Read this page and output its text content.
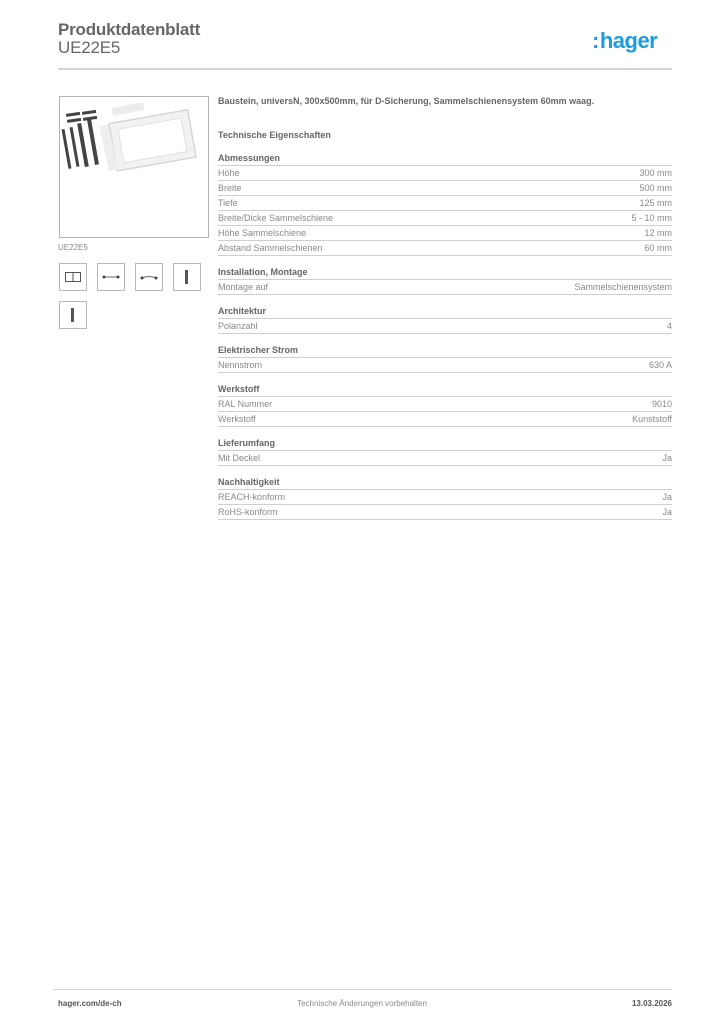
Produktdatenblatt
UE22E5	:hager
UE22E5
Baustein, universN, 300x500mm, für D-Sicherung, Sammelschienensystem 60mm waag.
Technische Eigenschaften
Abmessungen
Höhe	300 mm
Breite	500 mm
Tiefe	125 mm
Breite/Dicke Sammelschiene	5 - 10 mm
Höhe Sammelschiene	12 mm
Abstand Sammelschienen	60 mm
Installation, Montage
Montage auf	Sammelschienensystem
Architektur
Polanzahl	4
Elektrischer Strom
Nennstrom	630 A
Werkstoff
RAL Nummer	9010
Werkstoff	Kunststoff
Lieferumfang
Mit Deckel	Ja
Nachhaltigkeit
REACH-konform	Ja
RoHS-konform	Ja
Technische Änderungen vorbehalten
hager.com/de-ch	13.03.2026
